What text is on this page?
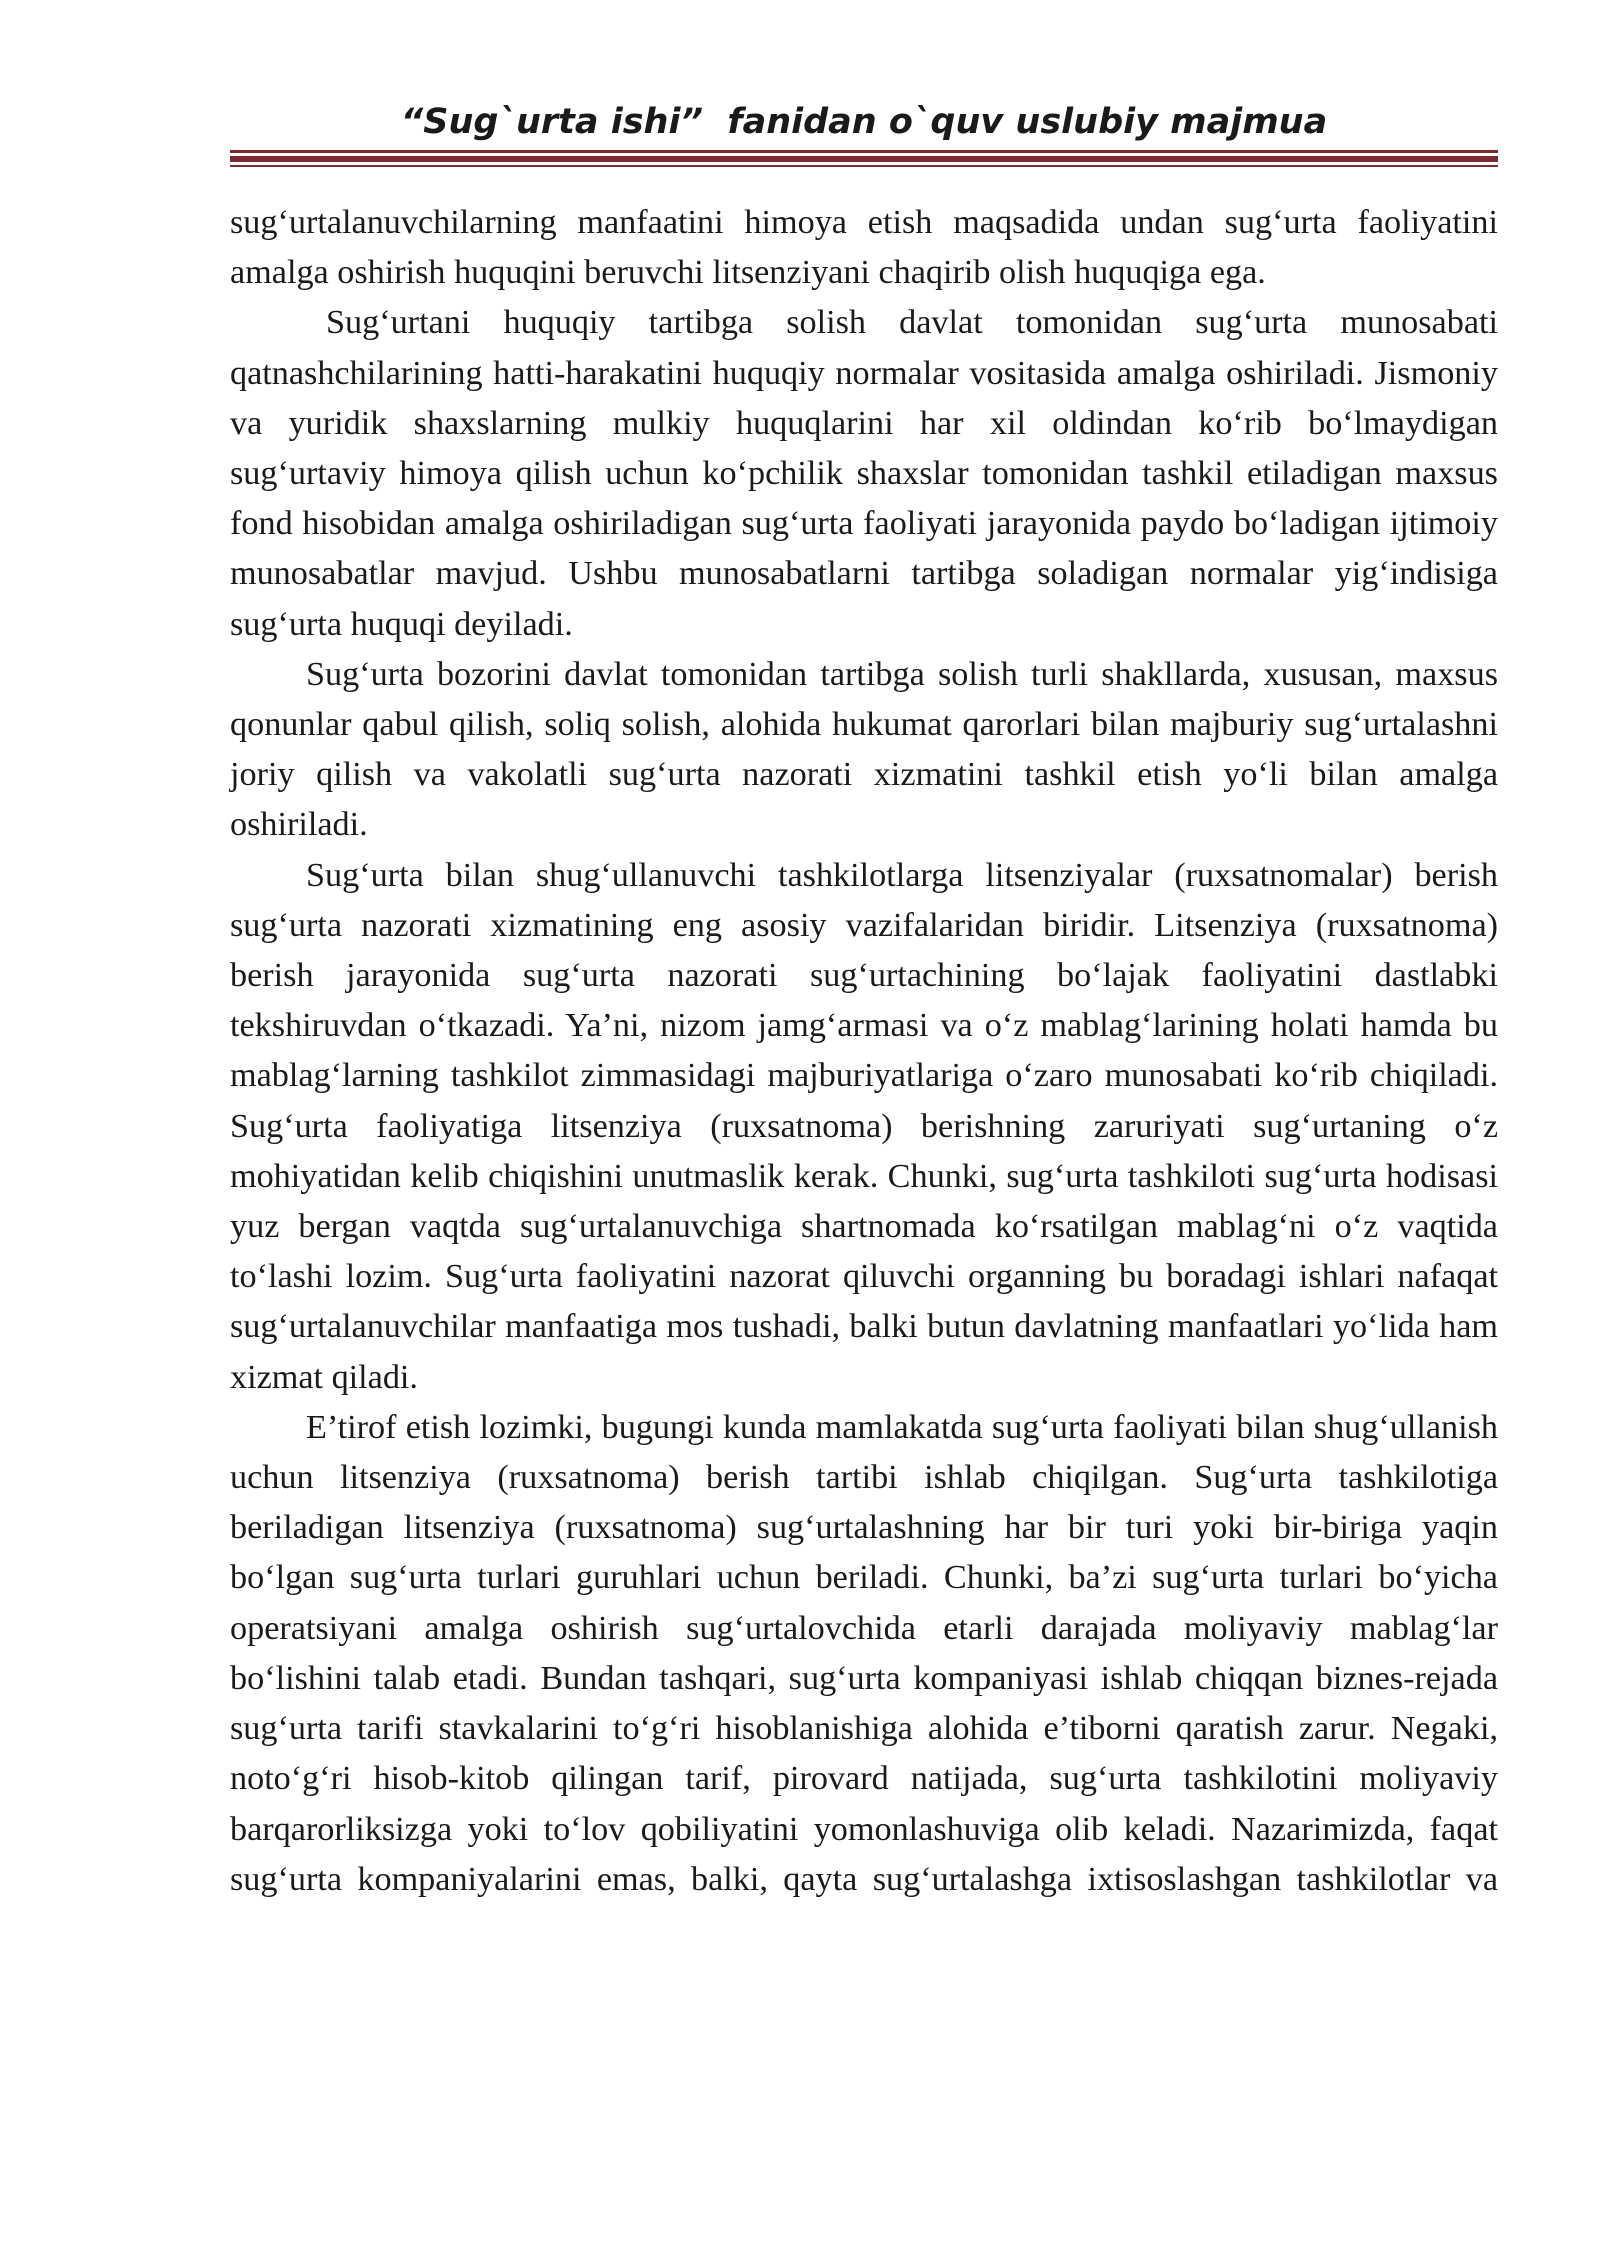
“Sug`urta ishi”  fanidan o`quv uslubiy majmua

sug‘urtalanuvchilarning manfaatini himoya etish maqsadida undan sug‘urta faoliyatini amalga oshirish huquqini beruvchi litsenziyani chaqirib olish huquqiga ega.

Sug‘urtani huquqiy tartibga solish davlat tomonidan sug‘urta munosabati qatnashchilarining hatti-harakatini huquqiy normalar vositasida amalga oshiriladi. Jismoniy va yuridik shaxslarning mulkiy huquqlarini har xil oldindan ko‘rib bo‘lmaydigan sug‘urtaviy himoya qilish uchun ko‘pchilik shaxslar tomonidan tashkil etiladigan maxsus fond hisobidan amalga oshiriladigan sug‘urta faoliyati jarayonida paydo bo‘ladigan ijtimoiy munosabatlar mavjud. Ushbu munosabatlarni tartibga soladigan normalar yig‘indisiga sug‘urta huquqi deyiladi.

Sug‘urta bozorini davlat tomonidan tartibga solish turli shakllarda, xususan, maxsus qonunlar qabul qilish, soliq solish, alohida hukumat qarorlari bilan majburiy sug‘urtalashni joriy qilish va vakolatli sug‘urta nazorati xizmatini tashkil etish yo‘li bilan amalga oshiriladi.

Sug‘urta bilan shug‘ullanuvchi tashkilotlarga litsenziyalar (ruxsatnomalar) berish sug‘urta nazorati xizmatining eng asosiy vazifalaridan biridir. Litsenziya (ruxsatnoma) berish jarayonida sug‘urta nazorati sug‘urtachining bo‘lajak faoliyatini dastlabki tekshiruvdan o‘tkazadi. Ya’ni, nizom jamg‘armasi va o‘z mablag‘larining holati hamda bu mablag‘larning tashkilot zimmasidagi majburiyatlariga o‘zaro munosabati ko‘rib chiqiladi. Sug‘urta faoliyatiga litsenziya (ruxsatnoma) berishning zaruriyati sug‘urtaning o‘z mohiyatidan kelib chiqishini unutmaslik kerak. Chunki, sug‘urta tashkiloti sug‘urta hodisasi yuz bergan vaqtda sug‘urtalanuvchiga shartnomada ko‘rsatilgan mablag‘ni o‘z vaqtida to‘lashi lozim. Sug‘urta faoliyatini nazorat qiluvchi organning bu boradagi ishlari nafaqat sug‘urtalanuvchilar manfaatiga mos tushadi, balki butun davlatning manfaatlari yo‘lida ham xizmat qiladi.

E’tirof etish lozimki, bugungi kunda mamlakatda sug‘urta faoliyati bilan shug‘ullanish uchun litsenziya (ruxsatnoma) berish tartibi ishlab chiqilgan. Sug‘urta tashkilotiga beriladigan litsenziya (ruxsatnoma) sug‘urtalashning har bir turi yoki bir-biriga yaqin bo‘lgan sug‘urta turlari guruhlari uchun beriladi. Chunki, ba’zi sug‘urta turlari bo‘yicha operatsiyani amalga oshirish sug‘urtalovchida etarli darajada moliyaviy mablag‘lar bo‘lishini talab etadi. Bundan tashqari, sug‘urta kompaniyasi ishlab chiqqan biznes-rejada sug‘urta tarifi stavkalarini to‘g‘ri hisoblanishiga alohida e’tiborni qaratish zarur. Negaki, noto‘g‘ri hisob-kitob qilingan tarif, pirovard natijada, sug‘urta tashkilotini moliyaviy barqarorliksizga yoki to‘lov qobiliyatini yomonlashuviga olib keladi. Nazarimizda, faqat sug‘urta kompaniyalarini emas, balki, qayta sug‘urtalashga ixtisoslashgan tashkilotlar va
